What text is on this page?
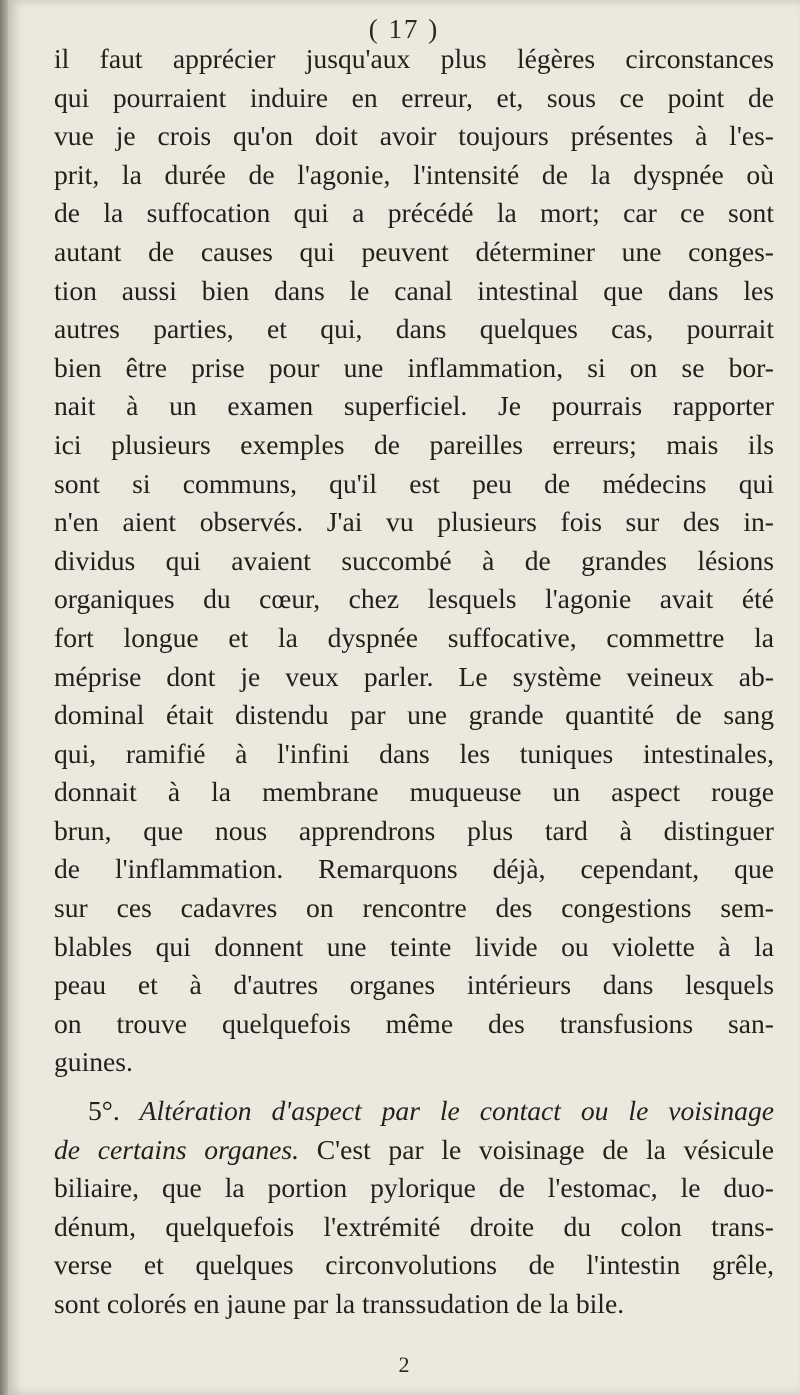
( 17 )
il faut apprécier jusqu'aux plus légères circonstances
qui pourraient induire en erreur, et, sous ce point de
vue je crois qu'on doit avoir toujours présentes à l'es-
prit, la durée de l'agonie, l'intensité de la dyspnée où
de la suffocation qui a précédé la mort; car ce sont
autant de causes qui peuvent déterminer une conges-
tion aussi bien dans le canal intestinal que dans les
autres parties, et qui, dans quelques cas, pourrait
bien être prise pour une inflammation, si on se bor-
nait à un examen superficiel. Je pourrais rapporter
ici plusieurs exemples de pareilles erreurs; mais ils
sont si communs, qu'il est peu de médecins qui
n'en aient observés. J'ai vu plusieurs fois sur des in-
dividus qui avaient succombé à de grandes lésions
organiques du cœur, chez lesquels l'agonie avait été
fort longue et la dyspnée suffocative, commettre la
méprise dont je veux parler. Le système veineux ab-
dominal était distendu par une grande quantité de sang
qui, ramifié à l'infini dans les tuniques intestinales,
donnait à la membrane muqueuse un aspect rouge
brun, que nous apprendrons plus tard à distinguer
de l'inflammation. Remarquons déjà, cependant, que
sur ces cadavres on rencontre des congestions sem-
blables qui donnent une teinte livide ou violette à la
peau et à d'autres organes intérieurs dans lesquels
on trouve quelquefois même des transfusions san-
guines.
5°. Altération d'aspect par le contact ou le voisinage
de certains organes. C'est par le voisinage de la vésicule
biliaire, que la portion pylorique de l'estomac, le duo-
dénum, quelquefois l'extrémité droite du colon trans-
verse et quelques circonvolutions de l'intestin grêle,
sont colorés en jaune par la transsudation de la bile.
2
